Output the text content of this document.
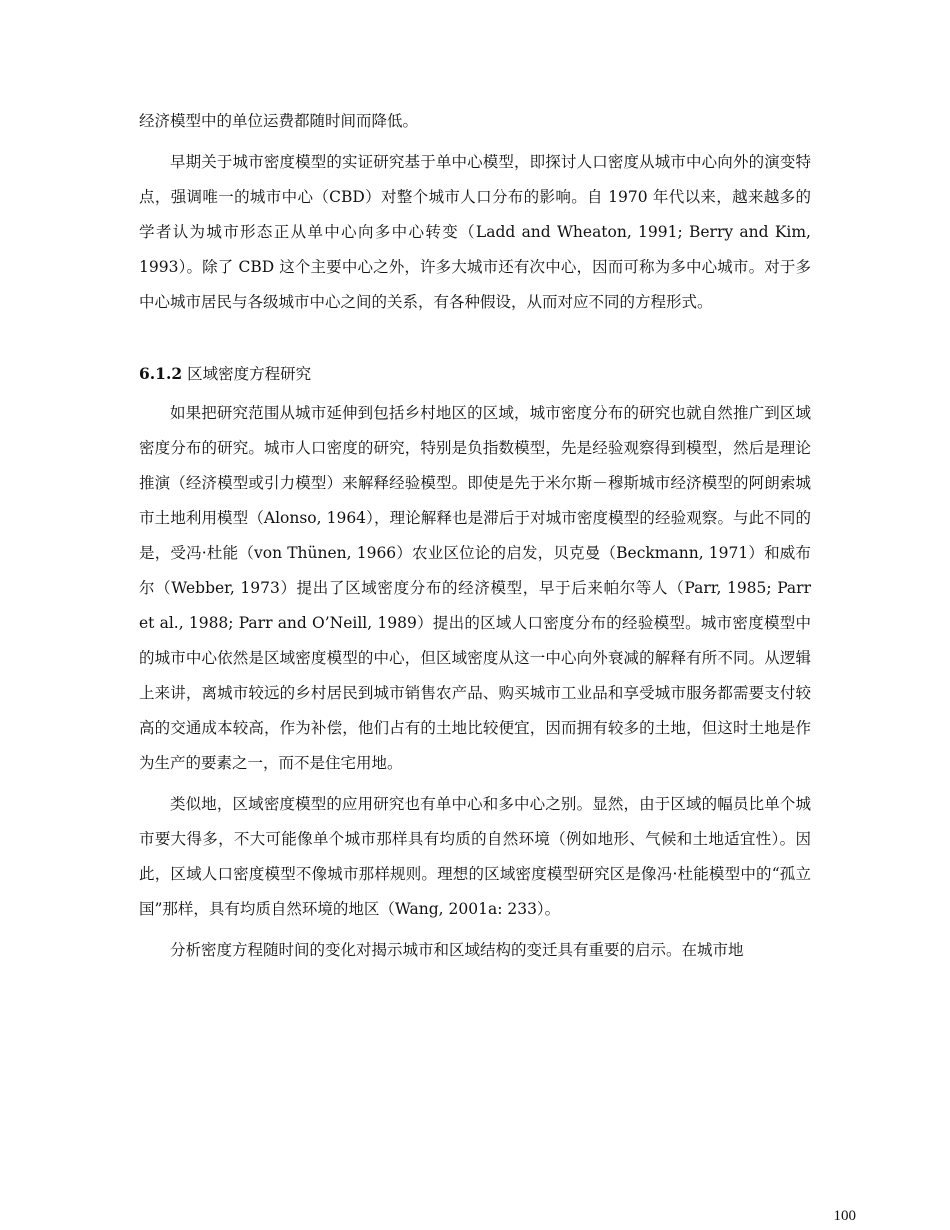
经济模型中的单位运费都随时间而降低。

早期关于城市密度模型的实证研究基于单中心模型，即探讨人口密度从城市中心向外的演变特点，强调唯一的城市中心（CBD）对整个城市人口分布的影响。自 1970 年代以来，越来越多的学者认为城市形态正从单中心向多中心转变（Ladd and Wheaton, 1991; Berry and Kim, 1993）。除了 CBD 这个主要中心之外，许多大城市还有次中心，因而可称为多中心城市。对于多中心城市居民与各级城市中心之间的关系，有各种假设，从而对应不同的方程形式。

6.1.2 区域密度方程研究

如果把研究范围从城市延伸到包括乡村地区的区域，城市密度分布的研究也就自然推广到区域密度分布的研究。城市人口密度的研究，特别是负指数模型，先是经验观察得到模型，然后是理论推演（经济模型或引力模型）来解释经验模型。即使是先于米尔斯－穆斯城市经济模型的阿朗索城市土地利用模型（Alonso, 1964），理论解释也是滞后于对城市密度模型的经验观察。与此不同的是，受冯·杜能（von Thünen, 1966）农业区位论的启发，贝克曼（Beckmann, 1971）和威布尔（Webber, 1973）提出了区域密度分布的经济模型，早于后来帕尔等人（Parr, 1985; Parr et al., 1988; Parr and O’Neill, 1989）提出的区域人口密度分布的经验模型。城市密度模型中的城市中心依然是区域密度模型的中心，但区域密度从这一中心向外衰减的解释有所不同。从逻辑上来讲，离城市较远的乡村居民到城市销售农产品、购买城市工业品和享受城市服务都需要支付较高的交通成本较高，作为补偿，他们占有的土地比较便宜，因而拥有较多的土地，但这时土地是作为生产的要素之一，而不是住宅用地。

类似地，区域密度模型的应用研究也有单中心和多中心之别。显然，由于区域的幅员比单个城市要大得多，不大可能像单个城市那样具有均质的自然环境（例如地形、气候和土地适宜性）。因此，区域人口密度模型不像城市那样规则。理想的区域密度模型研究区是像冯·杜能模型中的“孤立国”那样，具有均质自然环境的地区（Wang, 2001a: 233）。

分析密度方程随时间的变化对揭示城市和区域结构的变迁具有重要的启示。在城市地

100
